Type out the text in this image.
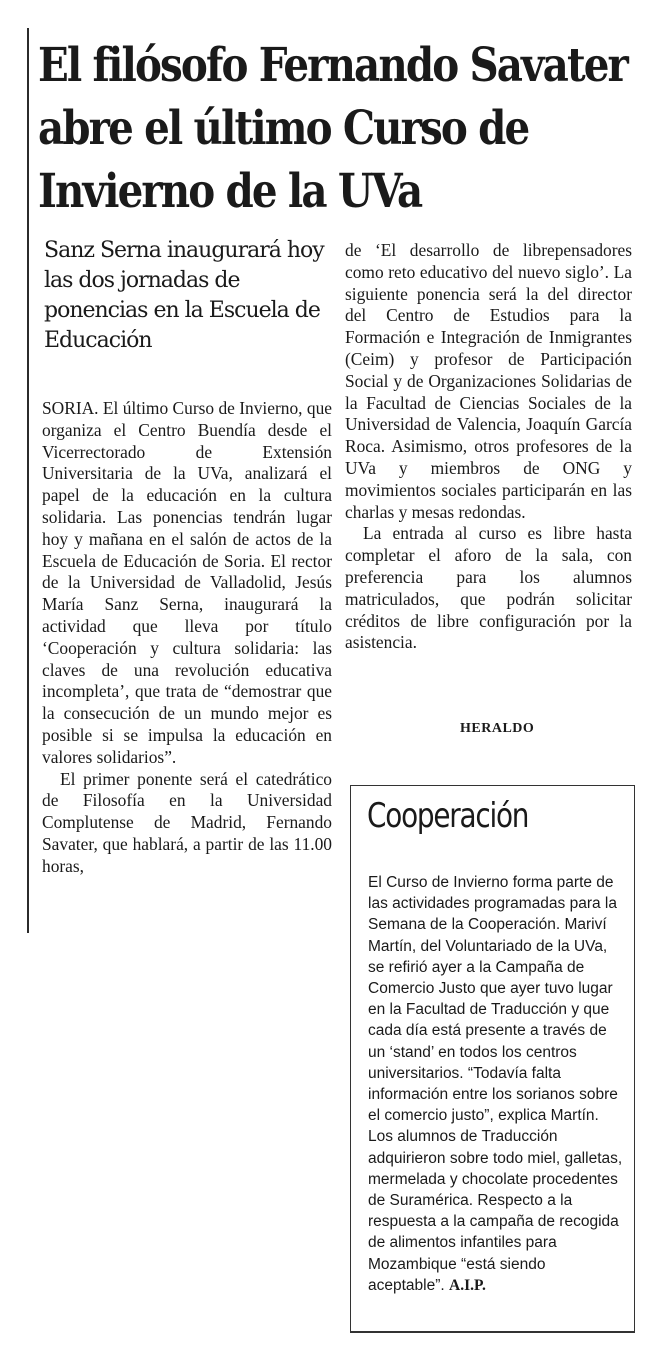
El filósofo Fernando Savater
abre el último Curso de
Invierno de la UVa

Sanz Serna inaugurará hoy las dos jornadas de ponencias en la Escuela de Educación

SORIA. El último Curso de Invierno, que organiza el Centro Buendía desde el Vicerrectorado de Extensión Universitaria de la UVa, analizará el papel de la educación en la cultura solidaria. Las ponencias tendrán lugar hoy y mañana en el salón de actos de la Escuela de Educación de Soria. El rector de la Universidad de Valladolid, Jesús María Sanz Serna, inaugurará la actividad que lleva por título ‘Cooperación y cultura solidaria: las claves de una revolución educativa incompleta’, que trata de “demostrar que la consecución de un mundo mejor es posible si se impulsa la educación en valores solidarios”.

El primer ponente será el catedrático de Filosofía en la Universidad Complutense de Madrid, Fernando Savater, que hablará, a partir de las 11.00 horas,

de ‘El desarrollo de librepensadores como reto educativo del nuevo siglo’. La siguiente ponencia será la del director del Centro de Estudios para la Formación e Integración de Inmigrantes (Ceim) y profesor de Participación Social y de Organizaciones Solidarias de la Facultad de Ciencias Sociales de la Universidad de Valencia, Joaquín García Roca. Asimismo, otros profesores de la UVa y miembros de ONG y movimientos sociales participarán en las charlas y mesas redondas.

La entrada al curso es libre hasta completar el aforo de la sala, con preferencia para los alumnos matriculados, que podrán solicitar créditos de libre configuración por la asistencia.

HERALDO
Cooperación

El Curso de Invierno forma parte de las actividades programadas para la Semana de la Cooperación. Mariví Martín, del Voluntariado de la UVa, se refirió ayer a la Campaña de Comercio Justo que ayer tuvo lugar en la Facultad de Traducción y que cada día está presente a través de un ‘stand’ en todos los centros universitarios. “Todavía falta información entre los sorianos sobre el comercio justo”, explica Martín. Los alumnos de Traducción adquirieron sobre todo miel, galletas, mermelada y chocolate procedentes de Suramérica. Respecto a la respuesta a la campaña de recogida de alimentos infantiles para Mozambique “está siendo aceptable”. A.I.P.
